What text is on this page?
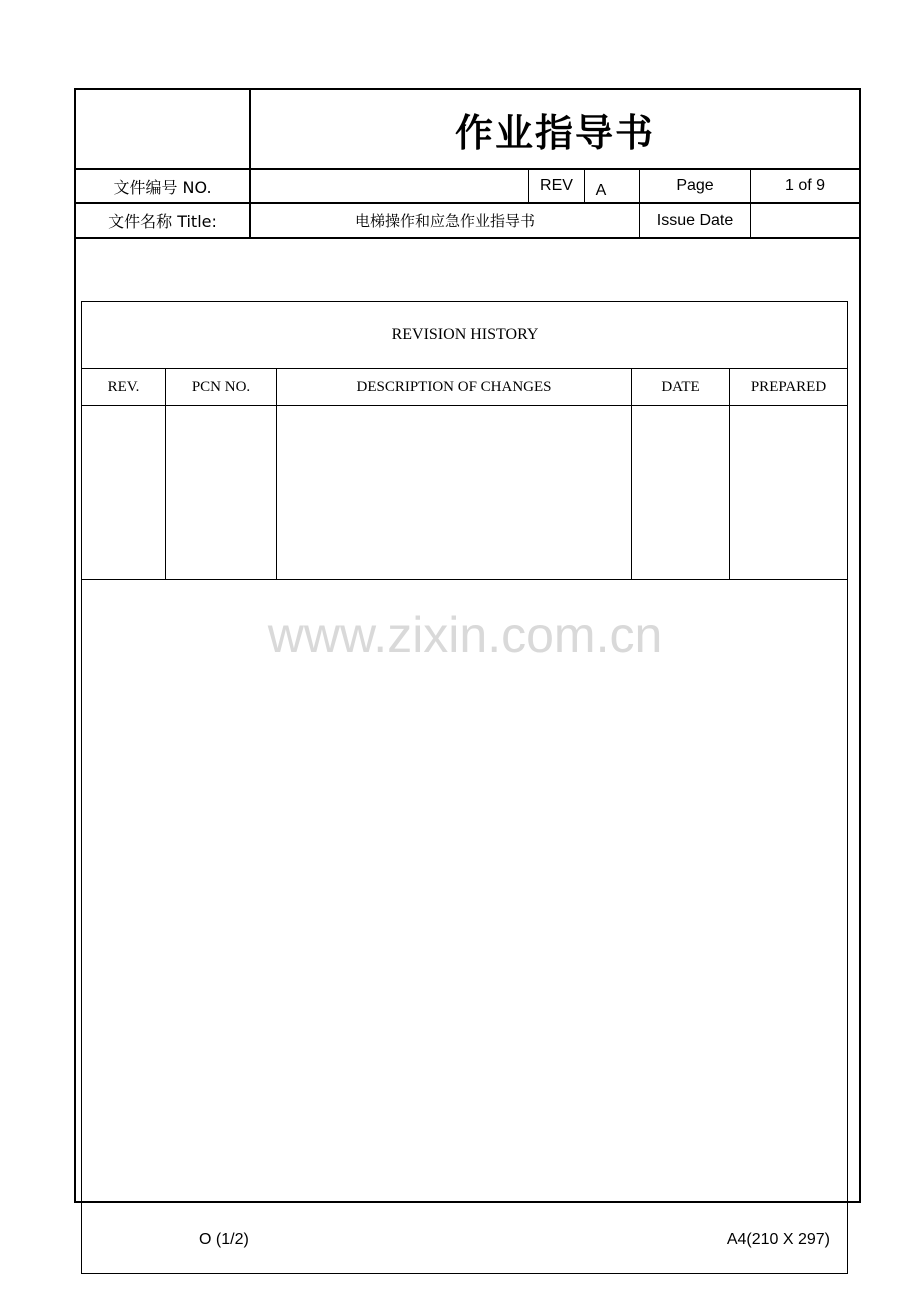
作业指导书
文件编号 NO.	REV	A	Page	1 of 9
文件名称 Title:	电梯操作和应急作业指导书	Issue Date
REVISION HISTORY
REV.	PCN NO.	DESCRIPTION OF CHANGES	DATE	PREPARED
www.zixin.com.cn
O (1/2)	A4(210 X 297)
